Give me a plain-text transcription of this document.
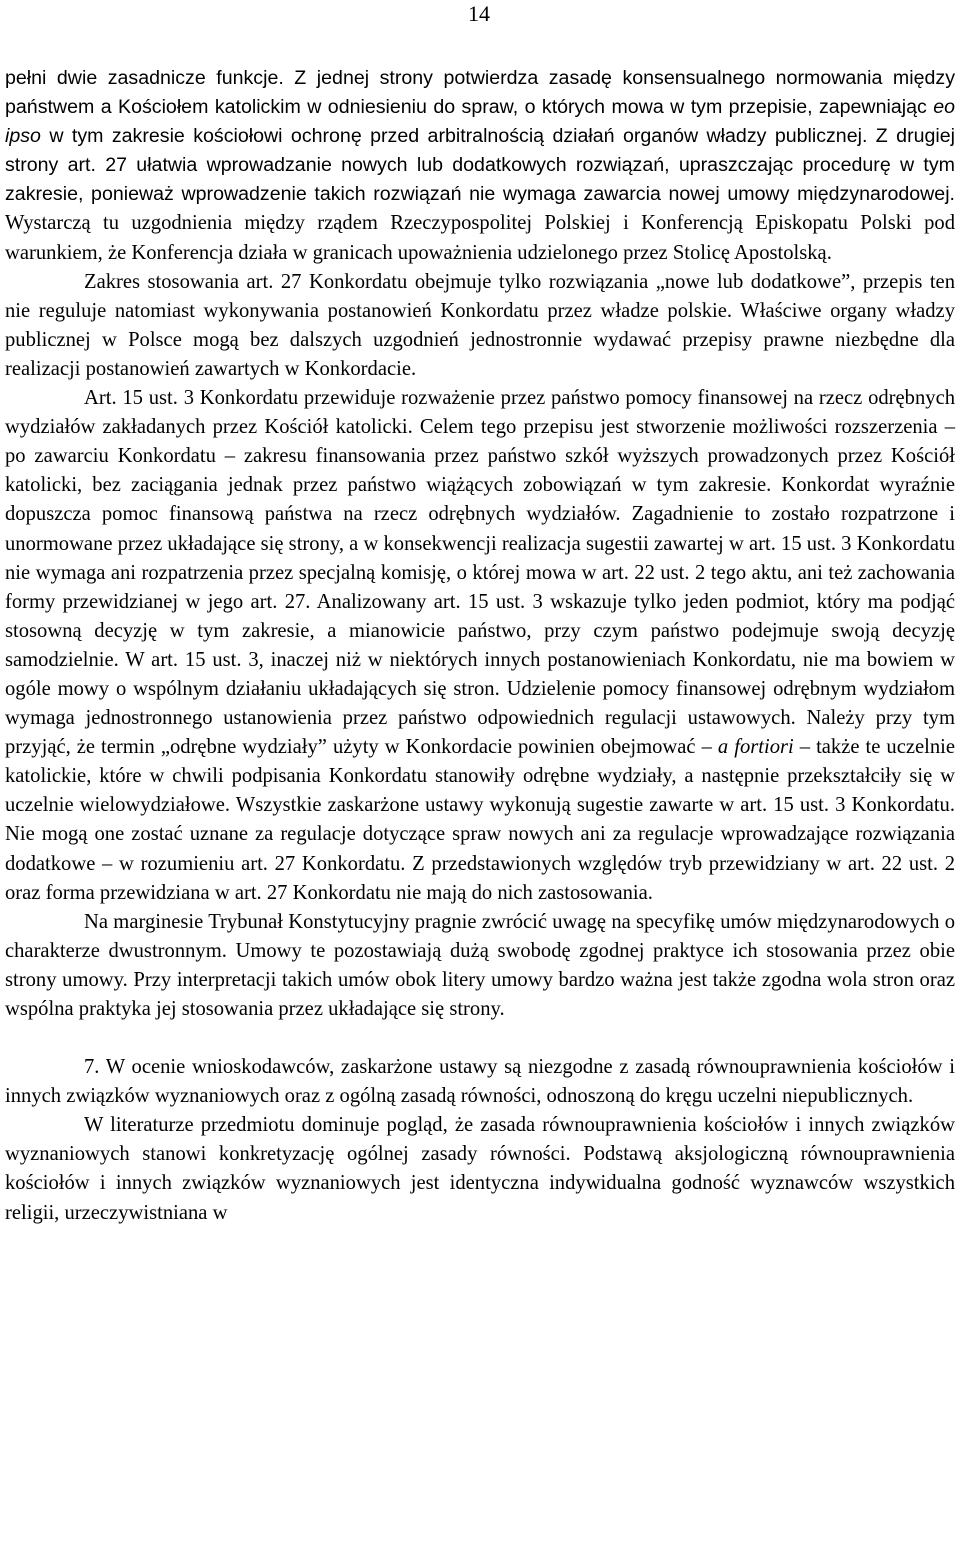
14

pełni dwie zasadnicze funkcje. Z jednej strony potwierdza zasadę konsensualnego normowania między państwem a Kościołem katolickim w odniesieniu do spraw, o których mowa w tym przepisie, zapewniając eo ipso w tym zakresie kościołowi ochronę przed arbitralnością działań organów władzy publicznej. Z drugiej strony art. 27 ułatwia wprowadzanie nowych lub dodatkowych rozwiązań, upraszczając procedurę w tym zakresie, ponieważ wprowadzenie takich rozwiązań nie wymaga zawarcia nowej umowy międzynarodowej. Wystarczą tu uzgodnienia między rządem Rzeczypospolitej Polskiej i Konferencją Episkopatu Polski pod warunkiem, że Konferencja działa w granicach upoważnienia udzielonego przez Stolicę Apostolską.

Zakres stosowania art. 27 Konkordatu obejmuje tylko rozwiązania „nowe lub dodatkowe”, przepis ten nie reguluje natomiast wykonywania postanowień Konkordatu przez władze polskie. Właściwe organy władzy publicznej w Polsce mogą bez dalszych uzgodnień jednostronnie wydawać przepisy prawne niezbędne dla realizacji postanowień zawartych w Konkordacie.

Art. 15 ust. 3 Konkordatu przewiduje rozważenie przez państwo pomocy finansowej na rzecz odrębnych wydziałów zakładanych przez Kościół katolicki. Celem tego przepisu jest stworzenie możliwości rozszerzenia – po zawarciu Konkordatu – zakresu finansowania przez państwo szkół wyższych prowadzonych przez Kościół katolicki, bez zaciągania jednak przez państwo wiążących zobowiązań w tym zakresie. Konkordat wyraźnie dopuszcza pomoc finansową państwa na rzecz odrębnych wydziałów. Zagadnienie to zostało rozpatrzone i unormowane przez układające się strony, a w konsekwencji realizacja sugestii zawartej w art. 15 ust. 3 Konkordatu nie wymaga ani rozpatrzenia przez specjalną komisję, o której mowa w art. 22 ust. 2 tego aktu, ani też zachowania formy przewidzianej w jego art. 27. Analizowany art. 15 ust. 3 wskazuje tylko jeden podmiot, który ma podjąć stosowną decyzję w tym zakresie, a mianowicie państwo, przy czym państwo podejmuje swoją decyzję samodzielnie. W art. 15 ust. 3, inaczej niż w niektórych innych postanowieniach Konkordatu, nie ma bowiem w ogóle mowy o wspólnym działaniu układających się stron. Udzielenie pomocy finansowej odrębnym wydziałom wymaga jednostronnego ustanowienia przez państwo odpowiednich regulacji ustawowych. Należy przy tym przyjąć, że termin „odrębne wydziały” użyty w Konkordacie powinien obejmować – a fortiori – także te uczelnie katolickie, które w chwili podpisania Konkordatu stanowiły odrębne wydziały, a następnie przekształciły się w uczelnie wielowydziałowe. Wszystkie zaskarżone ustawy wykonują sugestie zawarte w art. 15 ust. 3 Konkordatu. Nie mogą one zostać uznane za regulacje dotyczące spraw nowych ani za regulacje wprowadzające rozwiązania dodatkowe – w rozumieniu art. 27 Konkordatu. Z przedstawionych względów tryb przewidziany w art. 22 ust. 2 oraz forma przewidziana w art. 27 Konkordatu nie mają do nich zastosowania.

Na marginesie Trybunał Konstytucyjny pragnie zwrócić uwagę na specyfikę umów międzynarodowych o charakterze dwustronnym. Umowy te pozostawiają dużą swobodę zgodnej praktyce ich stosowania przez obie strony umowy. Przy interpretacji takich umów obok litery umowy bardzo ważna jest także zgodna wola stron oraz wspólna praktyka jej stosowania przez układające się strony.

7. W ocenie wnioskodawców, zaskarżone ustawy są niezgodne z zasadą równouprawnienia kościołów i innych związków wyznaniowych oraz z ogólną zasadą równości, odnoszoną do kręgu uczelni niepublicznych.

W literaturze przedmiotu dominuje pogląd, że zasada równouprawnienia kościołów i innych związków wyznaniowych stanowi konkretyzację ogólnej zasady równości. Podstawą aksjologiczną równouprawnienia kościołów i innych związków wyznaniowych jest identyczna indywidualna godność wyznawców wszystkich religii, urzeczywistniana w
